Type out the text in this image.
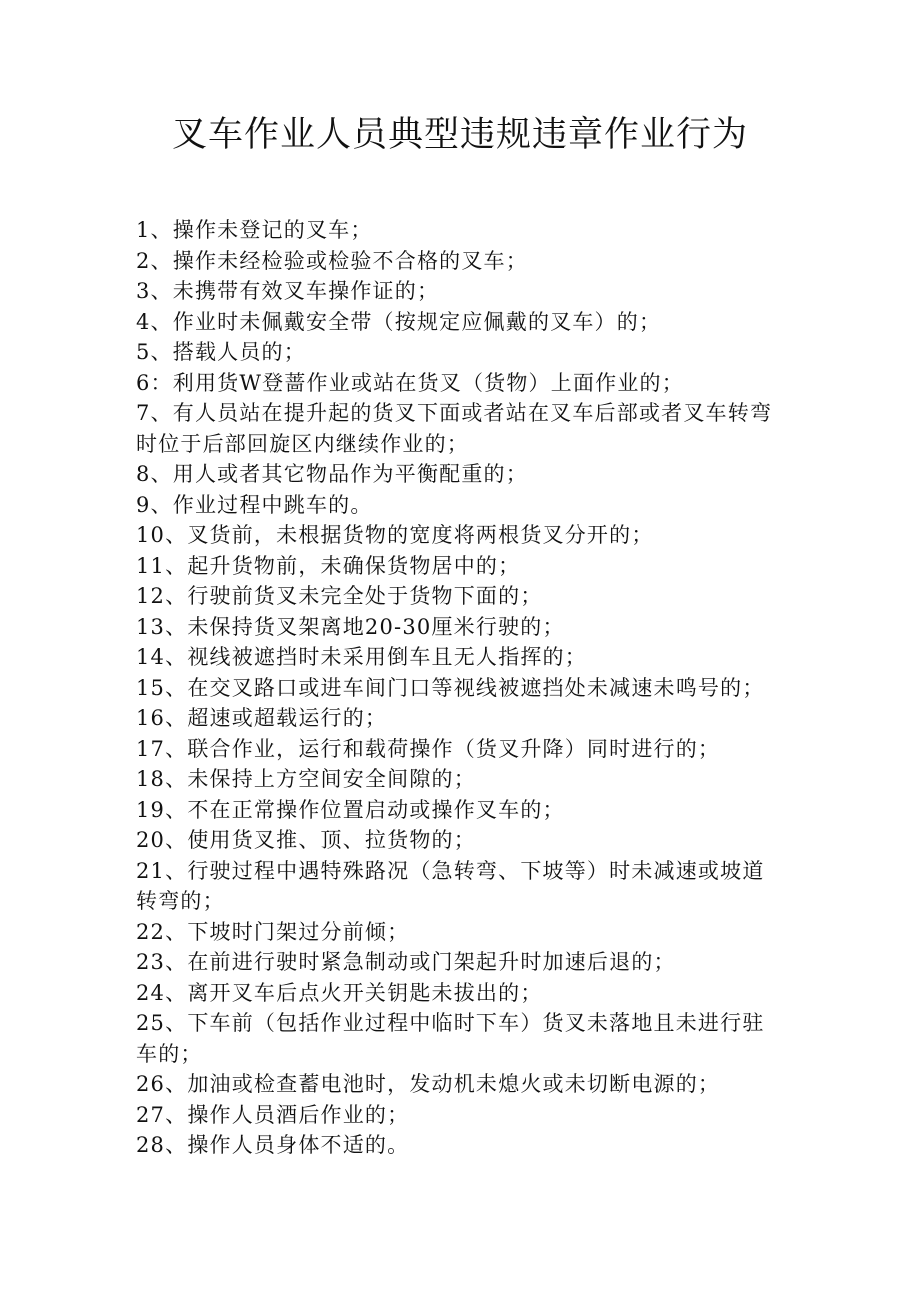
叉车作业人员典型违规违章作业行为
1、操作未登记的叉车；
2、操作未经检验或检验不合格的叉车；
3、未携带有效叉车操作证的；
4、作业时未佩戴安全带（按规定应佩戴的叉车）的；
5、搭载人员的；
6：利用货W登蔷作业或站在货叉（货物）上面作业的；
7、有人员站在提升起的货叉下面或者站在叉车后部或者叉车转弯时位于后部回旋区内继续作业的；
8、用人或者其它物品作为平衡配重的；
9、作业过程中跳车的。
10、叉货前，未根据货物的宽度将两根货叉分开的；
11、起升货物前，未确保货物居中的；
12、行驶前货叉未完全处于货物下面的；
13、未保持货叉架离地20-30厘米行驶的；
14、视线被遮挡时未采用倒车且无人指挥的；
15、在交叉路口或进车间门口等视线被遮挡处未减速未鸣号的；
16、超速或超载运行的；
17、联合作业，运行和载荷操作（货叉升降）同时进行的；
18、未保持上方空间安全间隙的；
19、不在正常操作位置启动或操作叉车的；
20、使用货叉推、顶、拉货物的；
21、行驶过程中遇特殊路况（急转弯、下坡等）时未减速或坡道转弯的；
22、下坡时门架过分前倾；
23、在前进行驶时紧急制动或门架起升时加速后退的；
24、离开叉车后点火开关钥匙未拔出的；
25、下车前（包括作业过程中临时下车）货叉未落地且未进行驻车的；
26、加油或检查蓄电池时，发动机未熄火或未切断电源的；
27、操作人员酒后作业的；
28、操作人员身体不适的。
